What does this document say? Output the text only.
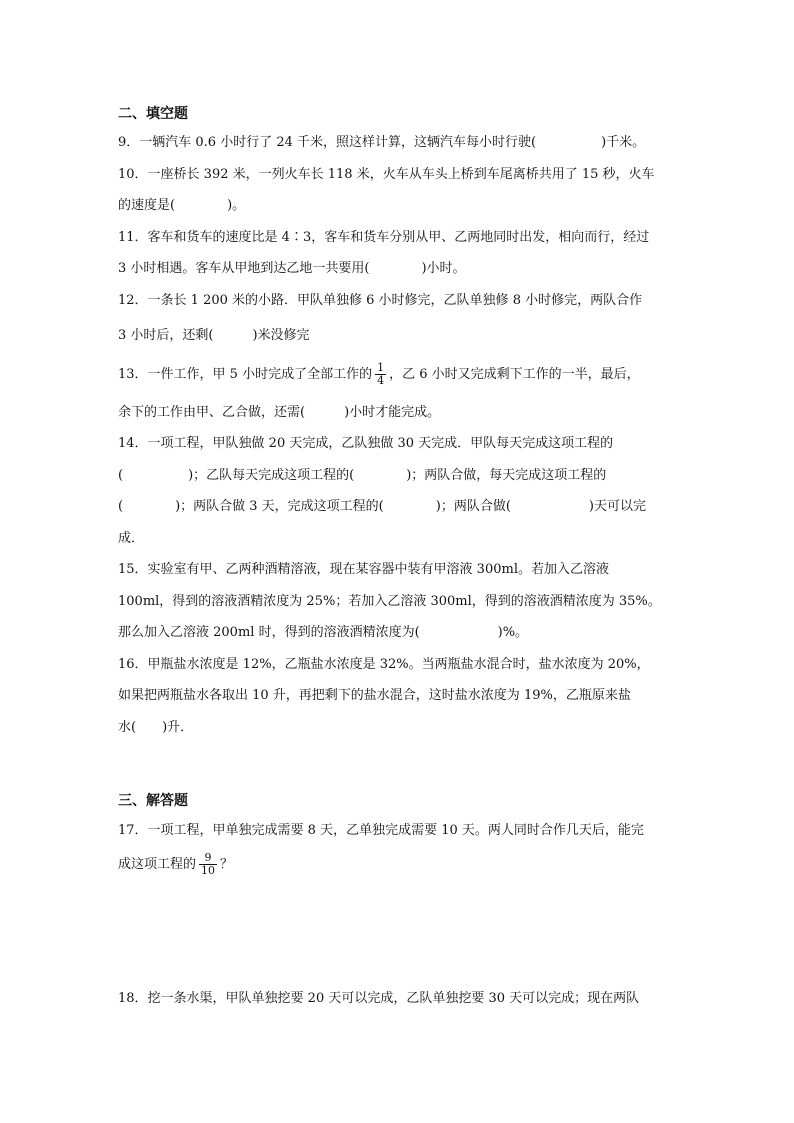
二、填空题
9．一辆汽车 0.6 小时行了 24 千米，照这样计算，这辆汽车每小时行驶(　　　　　)千米。
10．一座桥长 392 米，一列火车长 118 米，火车从车头上桥到车尾离桥共用了 15 秒，火车
的速度是(　　　　)。
11．客车和货车的速度比是 4∶3，客车和货车分别从甲、乙两地同时出发，相向而行，经过
3 小时相遇。客车从甲地到达乙地一共要用(　　　　)小时。
12．一条长 1 200 米的小路．甲队单独修 6 小时修完，乙队单独修 8 小时修完，两队合作
3 小时后，还剩(　　　)米没修完
13．一件工作，甲 5 小时完成了全部工作的 $\frac{1}{4}$ ，乙 6 小时又完成剩下工作的一半，最后，
余下的工作由甲、乙合做，还需(　　　)小时才能完成。
14．一项工程，甲队独做 20 天完成，乙队独做 30 天完成．甲队每天完成这项工程的
(　　　　　)；乙队每天完成这项工程的(　　　　)；两队合做，每天完成这项工程的
(　　　　)；两队合做 3 天，完成这项工程的(　　　　)；两队合做(　　　　　　)天可以完
成．
15．实验室有甲、乙两种酒精溶液，现在某容器中装有甲溶液 300ml。若加入乙溶液
100ml，得到的溶液酒精浓度为 25%；若加入乙溶液 300ml，得到的溶液酒精浓度为 35%。
那么加入乙溶液 200ml 时，得到的溶液酒精浓度为(　　　　　　)%。
16．甲瓶盐水浓度是 12%，乙瓶盐水浓度是 32%。当两瓶盐水混合时，盐水浓度为 20%，
如果把两瓶盐水各取出 10 升，再把剩下的盐水混合，这时盐水浓度为 19%，乙瓶原来盐
水(　　)升．
三、解答题
17．一项工程，甲单独完成需要 8 天，乙单独完成需要 10 天。两人同时合作几天后，能完
成这项工程的 $\frac{9}{10}$ ？
18．挖一条水渠，甲队单独挖要 20 天可以完成，乙队单独挖要 30 天可以完成；现在两队
